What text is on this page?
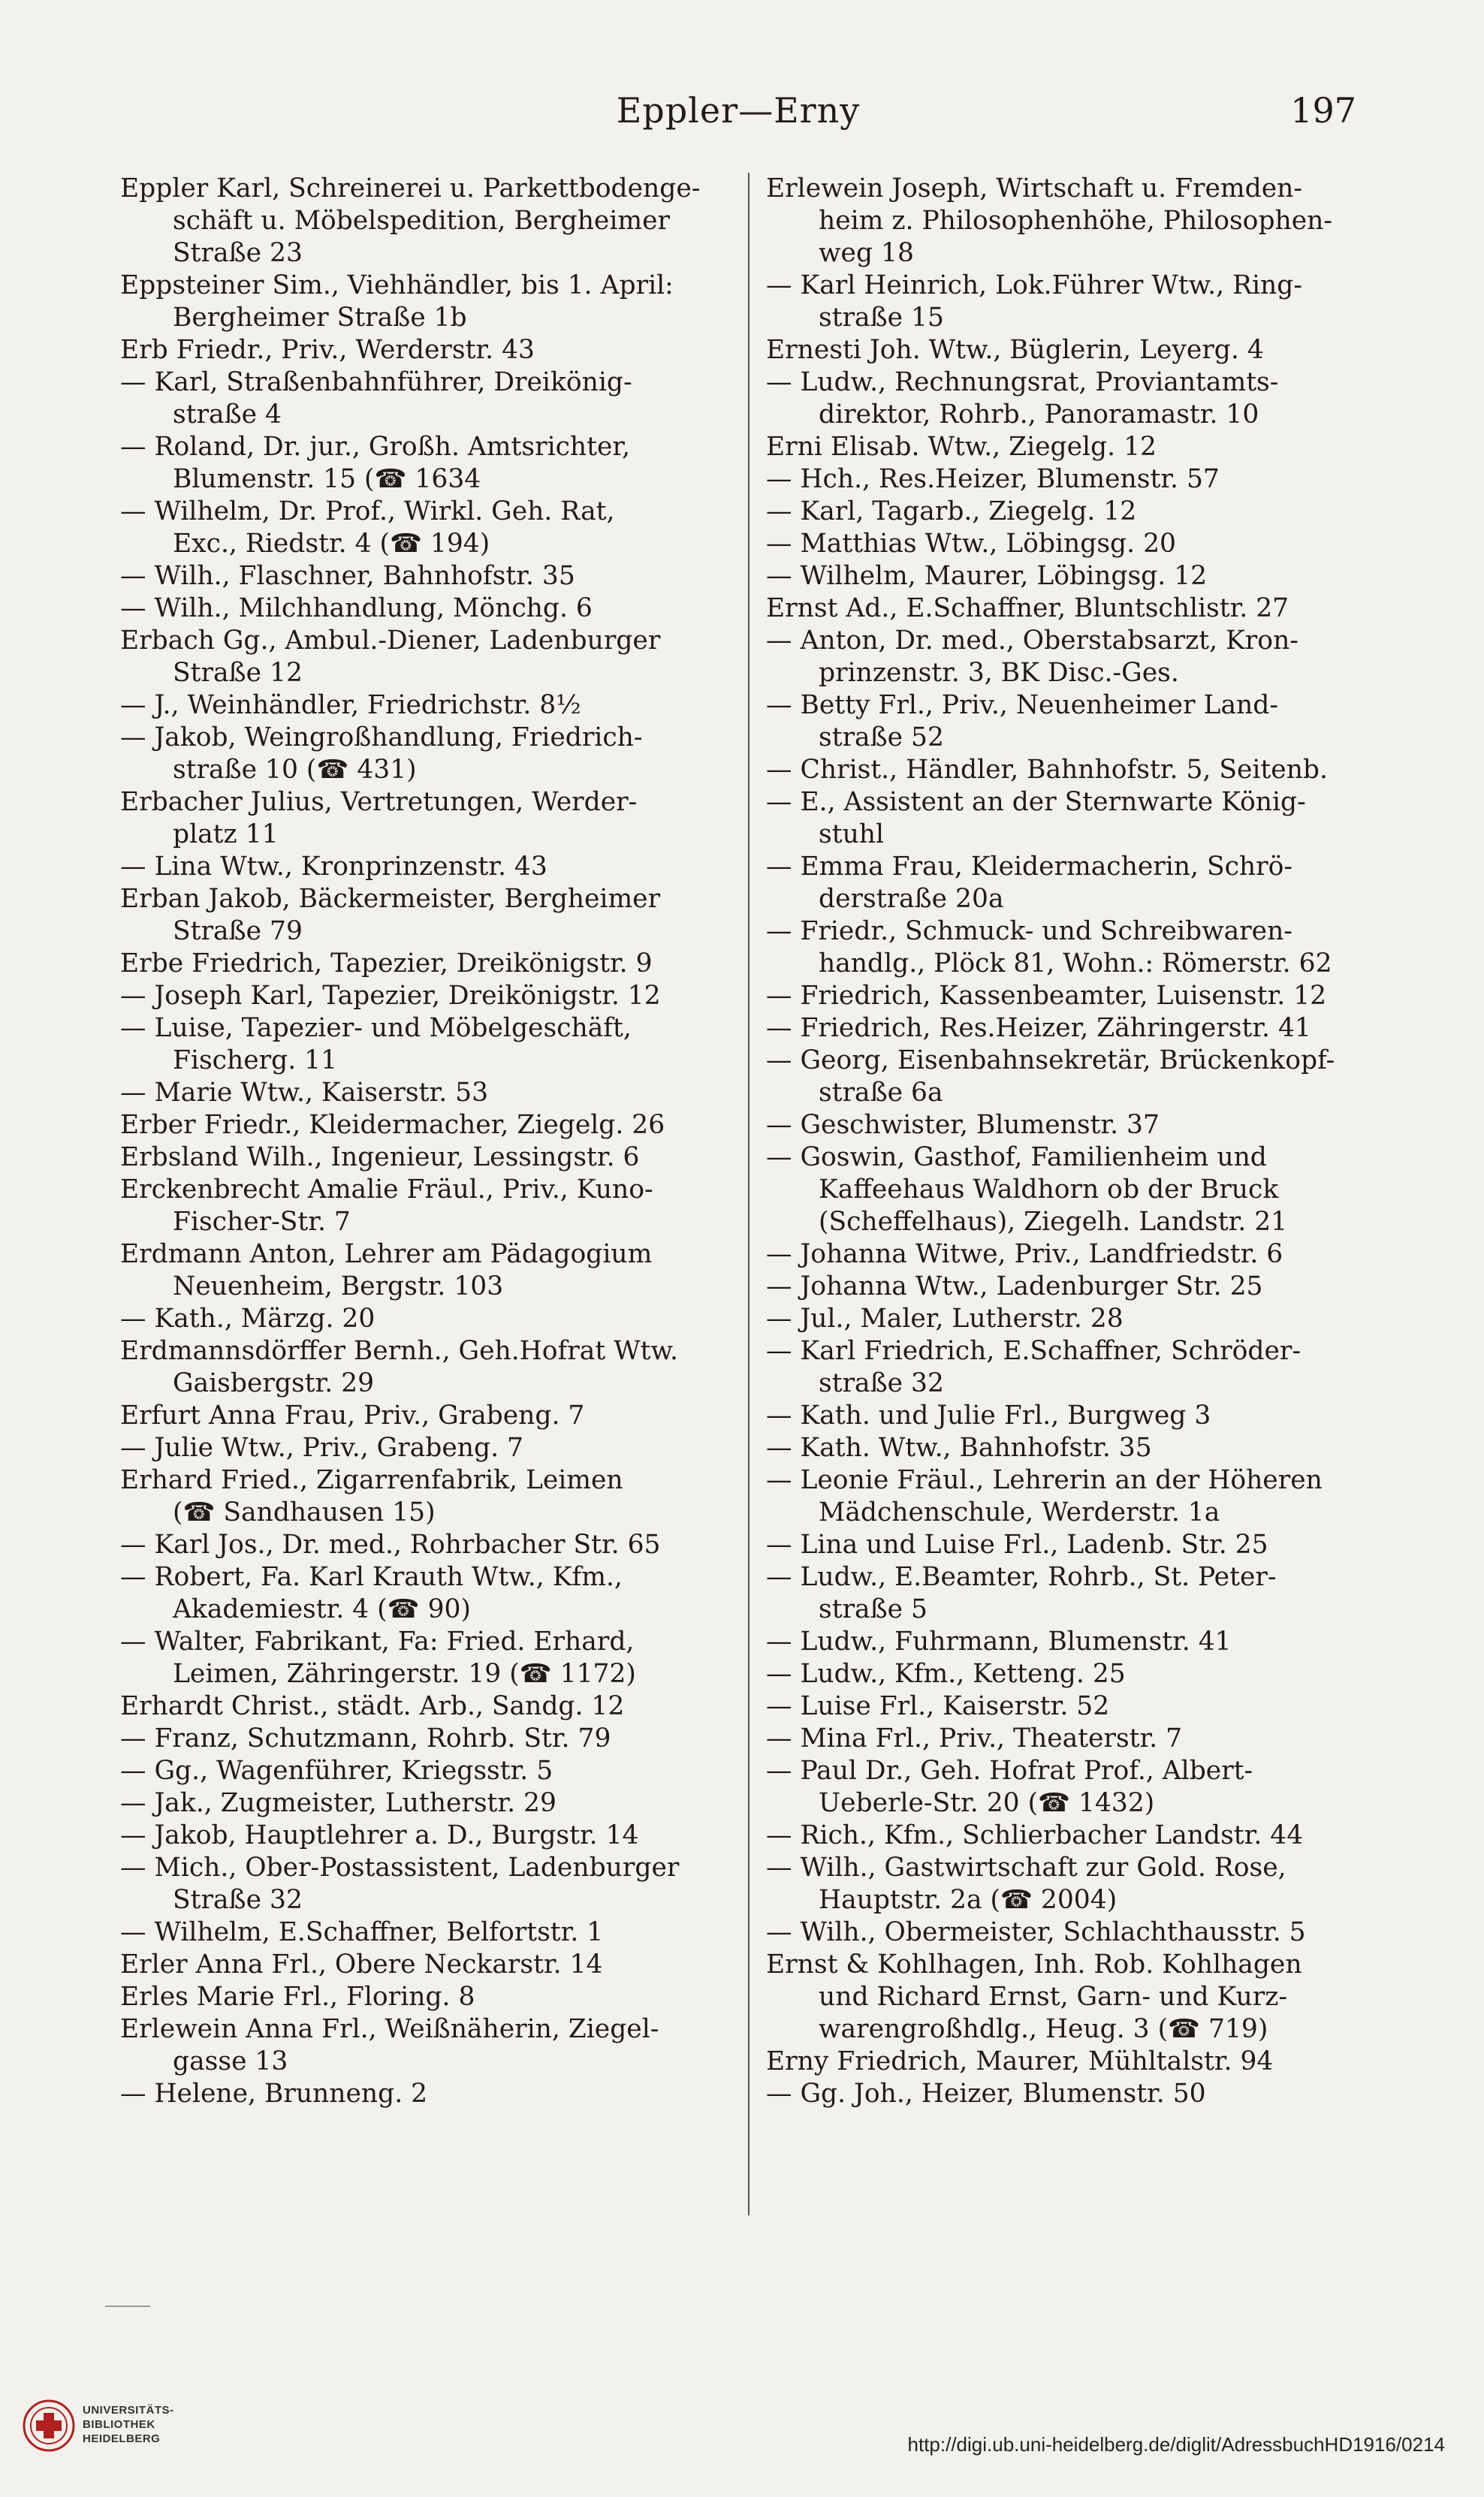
Eppler—Erny	197
Eppler Karl, Schreinerei u. Parkettbodenge-
schäft u. Möbelspedition, Bergheimer
Straße 23
Eppsteiner Sim., Viehhändler, bis 1. April:
Bergheimer Straße 1b
Erb Friedr., Priv., Werderstr. 43
— Karl, Straßenbahnführer, Dreikönig-
straße 4
— Roland, Dr. jur., Großh. Amtsrichter,
Blumenstr. 15 (☎ 1634
— Wilhelm, Dr. Prof., Wirkl. Geh. Rat,
Exc., Riedstr. 4 (☎ 194)
— Wilh., Flaschner, Bahnhofstr. 35
— Wilh., Milchhandlung, Mönchg. 6
Erbach Gg., Ambul.-Diener, Ladenburger
Straße 12
— J., Weinhändler, Friedrichstr. 8½
— Jakob, Weingroßhandlung, Friedrich-
straße 10 (☎ 431)
Erbacher Julius, Vertretungen, Werder-
platz 11
— Lina Wtw., Kronprinzenstr. 43
Erban Jakob, Bäckermeister, Bergheimer
Straße 79
Erbe Friedrich, Tapezier, Dreikönigstr. 9
— Joseph Karl, Tapezier, Dreikönigstr. 12
— Luise, Tapezier- und Möbelgeschäft,
Fischerg. 11
— Marie Wtw., Kaiserstr. 53
Erber Friedr., Kleidermacher, Ziegelg. 26
Erbsland Wilh., Ingenieur, Lessingstr. 6
Erckenbrecht Amalie Fräul., Priv., Kuno-
Fischer-Str. 7
Erdmann Anton, Lehrer am Pädagogium
Neuenheim, Bergstr. 103
— Kath., Märzg. 20
Erdmannsdörffer Bernh., Geh.Hofrat Wtw.
Gaisbergstr. 29
Erfurt Anna Frau, Priv., Grabeng. 7
— Julie Wtw., Priv., Grabeng. 7
Erhard Fried., Zigarrenfabrik, Leimen
(☎ Sandhausen 15)
— Karl Jos., Dr. med., Rohrbacher Str. 65
— Robert, Fa. Karl Krauth Wtw., Kfm.,
Akademiestr. 4 (☎ 90)
— Walter, Fabrikant, Fa: Fried. Erhard,
Leimen, Zähringerstr. 19 (☎ 1172)
Erhardt Christ., städt. Arb., Sandg. 12
— Franz, Schutzmann, Rohrb. Str. 79
— Gg., Wagenführer, Kriegsstr. 5
— Jak., Zugmeister, Lutherstr. 29
— Jakob, Hauptlehrer a. D., Burgstr. 14
— Mich., Ober-Postassistent, Ladenburger
Straße 32
— Wilhelm, E.Schaffner, Belfortstr. 1
Erler Anna Frl., Obere Neckarstr. 14
Erles Marie Frl., Floring. 8
Erlewein Anna Frl., Weißnäherin, Ziegel-
gasse 13
— Helene, Brunneng. 2
Erlewein Joseph, Wirtschaft u. Fremden-
heim z. Philosophenhöhe, Philosophen-
weg 18
— Karl Heinrich, Lok.Führer Wtw., Ring-
straße 15
Ernesti Joh. Wtw., Büglerin, Leyerg. 4
— Ludw., Rechnungsrat, Proviantamts-
direktor, Rohrb., Panoramastr. 10
Erni Elisab. Wtw., Ziegelg. 12
— Hch., Res.Heizer, Blumenstr. 57
— Karl, Tagarb., Ziegelg. 12
— Matthias Wtw., Löbingsg. 20
— Wilhelm, Maurer, Löbingsg. 12
Ernst Ad., E.Schaffner, Bluntschlistr. 27
— Anton, Dr. med., Oberstabsarzt, Kron-
prinzenstr. 3, BK Disc.-Ges.
— Betty Frl., Priv., Neuenheimer Land-
straße 52
— Christ., Händler, Bahnhofstr. 5, Seitenb.
— E., Assistent an der Sternwarte König-
stuhl
— Emma Frau, Kleidermacherin, Schrö-
derstraße 20a
— Friedr., Schmuck- und Schreibwaren-
handlg., Plöck 81, Wohn.: Römerstr. 62
— Friedrich, Kassenbeamter, Luisenstr. 12
— Friedrich, Res.Heizer, Zähringerstr. 41
— Georg, Eisenbahnsekretär, Brückenkopf-
straße 6a
— Geschwister, Blumenstr. 37
— Goswin, Gasthof, Familienheim und
Kaffeehaus Waldhorn ob der Bruck
(Scheffelhaus), Ziegelh. Landstr. 21
— Johanna Witwe, Priv., Landfriedstr. 6
— Johanna Wtw., Ladenburger Str. 25
— Jul., Maler, Lutherstr. 28
— Karl Friedrich, E.Schaffner, Schröder-
straße 32
— Kath. und Julie Frl., Burgweg 3
— Kath. Wtw., Bahnhofstr. 35
— Leonie Fräul., Lehrerin an der Höheren
Mädchenschule, Werderstr. 1a
— Lina und Luise Frl., Ladenb. Str. 25
— Ludw., E.Beamter, Rohrb., St. Peter-
straße 5
— Ludw., Fuhrmann, Blumenstr. 41
— Ludw., Kfm., Ketteng. 25
— Luise Frl., Kaiserstr. 52
— Mina Frl., Priv., Theaterstr. 7
— Paul Dr., Geh. Hofrat Prof., Albert-
Ueberle-Str. 20 (☎ 1432)
— Rich., Kfm., Schlierbacher Landstr. 44
— Wilh., Gastwirtschaft zur Gold. Rose,
Hauptstr. 2a (☎ 2004)
— Wilh., Obermeister, Schlachthausstr. 5
Ernst & Kohlhagen, Inh. Rob. Kohlhagen
und Richard Ernst, Garn- und Kurz-
warengroßhdlg., Heug. 3 (☎ 719)
Erny Friedrich, Maurer, Mühltalstr. 94
— Gg. Joh., Heizer, Blumenstr. 50
UNIVERSITÄTS-
BIBLIOTHEK
HEIDELBERG	http://digi.ub.uni-heidelberg.de/diglit/AdressbuchHD1916/0214
